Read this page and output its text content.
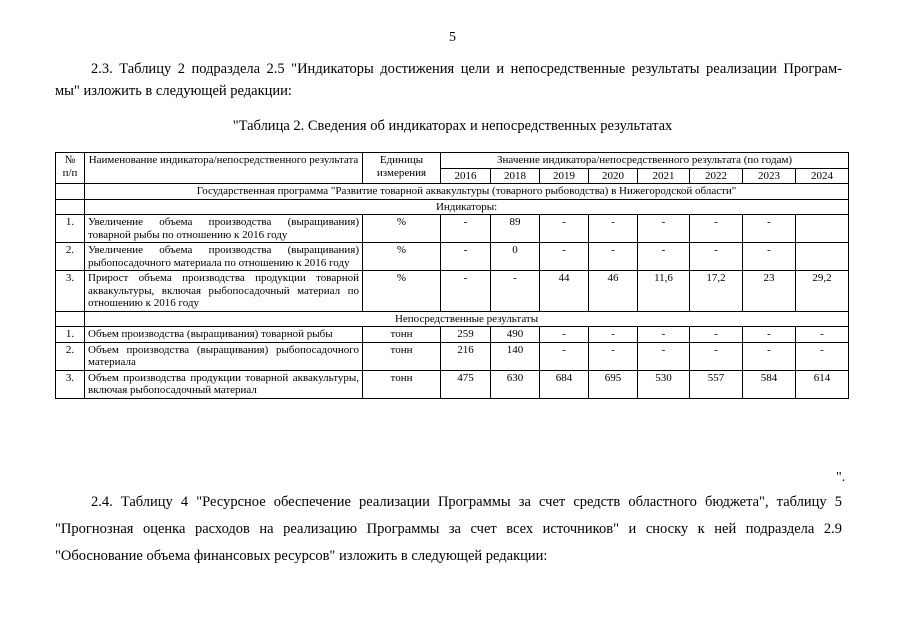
5
2.3. Таблицу 2 подраздела 2.5 "Индикаторы достижения цели и непосредственные результаты реализации Програм-
мы" изложить в следующей редакции:
"Таблица 2. Сведения об индикаторах и непосредственных результатах
№ п/п	Наименование индикатора/непосредственного результата	Единицы измерения	Значение индикатора/непосредственного результата (по годам)							
			2016	2018	2019	2020	2021	2022	2023	2024
	Государственная программа "Развитие товарной аквакультуры (товарного рыбоводства) в Нижегородской области"									
	Индикаторы:									
1.	Увеличение объема производства (выращивания) товарной рыбы по отношению к 2016 году	%	-	89	-	-	-	-	-	
2.	Увеличение объема производства (выращивания) рыбопосадочного материала по отношению к 2016 году	%	-	0	-	-	-	-	-	
3.	Прирост объема производства продукции товарной аквакультуры, включая рыбопосадочный материал по отношению к 2016 году	%	-	-	44	46	11,6	17,2	23	29,2
	Непосредственные результаты									
1.	Объем производства (выращивания) товарной рыбы	тонн	259	490	-	-	-	-	-	-
2.	Объем производства (выращивания) рыбопосадочного материала	тонн	216	140	-	-	-	-	-	-
3.	Объем производства продукции товарной аквакультуры, включая рыбопосадочный материал	тонн	475	630	684	695	530	557	584	614
".
2.4. Таблицу 4 "Ресурсное обеспечение реализации Программы за счет средств областного бюджета", таблицу 5
"Прогнозная оценка расходов на реализацию Программы за счет всех источников" и сноску к ней подраздела 2.9
"Обоснование объема финансовых ресурсов" изложить в следующей редакции:
